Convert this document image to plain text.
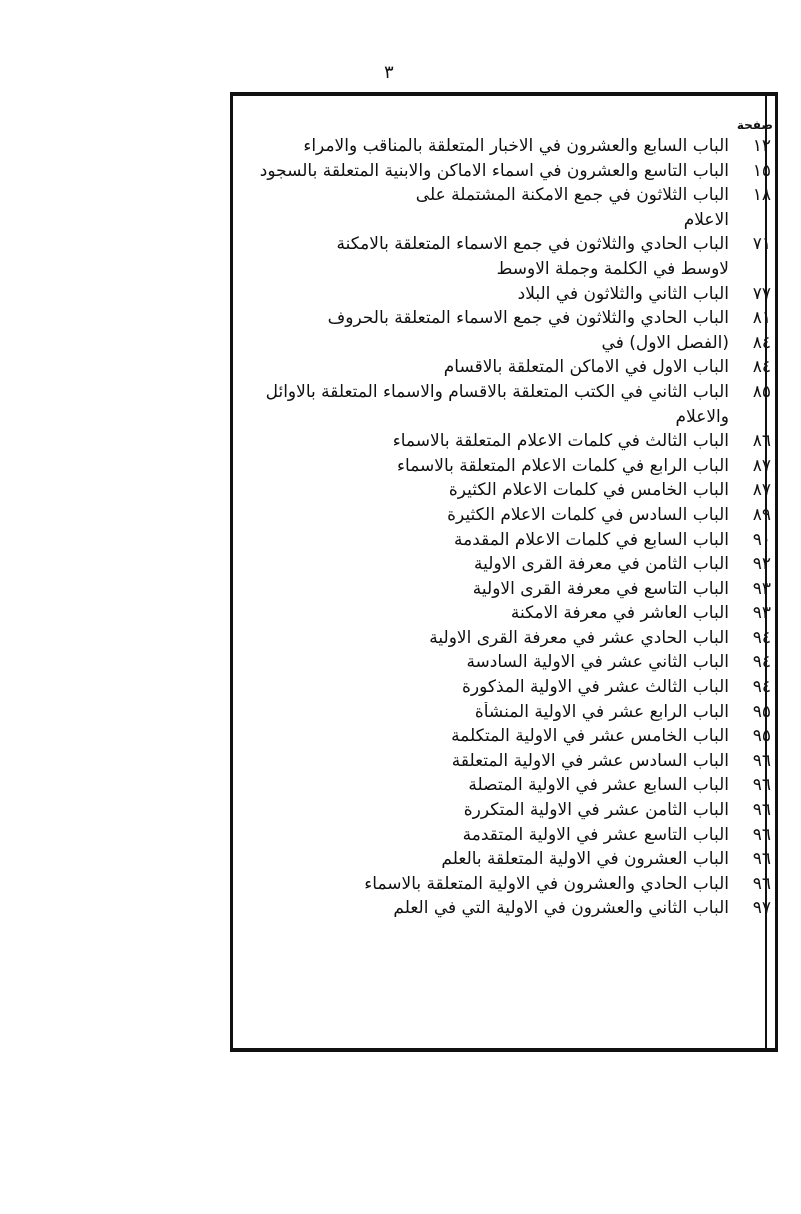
٣
صفحة
١٢
الباب السابع والعشرون في الاخبار المتعلقة بالمناقب والامراء
١٥
الباب التاسع والعشرون في اسماء الاماكن والابنية المتعلقة بالسجود
١٨
الباب الثلاثون في جمع الامكنة المشتملة على
الاعلام
٧١
الباب الحادي والثلاثون في جمع الاسماء المتعلقة بالامكنة
لاوسط في الكلمة وجملة الاوسط
٧٧
الباب الثاني والثلاثون في البلاد
٨١
الباب الحادي والثلاثون في جمع الاسماء المتعلقة بالحروف
٨٤
(الفصل الاول) في
٨٤
الباب الاول في الاماكن المتعلقة بالاقسام
٨٥
الباب الثاني في الكتب المتعلقة بالاقسام والاسماء المتعلقة بالاوائل
والاعلام
٨٦
الباب الثالث في كلمات الاعلام المتعلقة بالاسماء
٨٧
الباب الرابع في كلمات الاعلام المتعلقة بالاسماء
٨٧
الباب الخامس في كلمات الاعلام الكثيرة
٨٩
الباب السادس في كلمات الاعلام الكثيرة
٩٠
الباب السابع في كلمات الاعلام المقدمة
٩٢
الباب الثامن في معرفة القرى الاولية
٩٣
الباب التاسع في معرفة القرى الاولية
٩٣
الباب العاشر في معرفة الامكنة
٩٤
الباب الحادي عشر في معرفة القرى الاولية
٩٤
الباب الثاني عشر في الاولية السادسة
٩٤
الباب الثالث عشر في الاولية المذكورة
٩٥
الباب الرابع عشر في الاولية المنشأة
٩٥
الباب الخامس عشر في الاولية المتكلمة
٩٦
الباب السادس عشر في الاولية المتعلقة
٩٦
الباب السابع عشر في الاولية المتصلة
٩٦
الباب الثامن عشر في الاولية المتكررة
٩٦
الباب التاسع عشر في الاولية المتقدمة
٩٦
الباب العشرون في الاولية المتعلقة بالعلم
٩٦
الباب الحادي والعشرون في الاولية المتعلقة بالاسماء
٩٧
الباب الثاني والعشرون في الاولية التي في العلم
